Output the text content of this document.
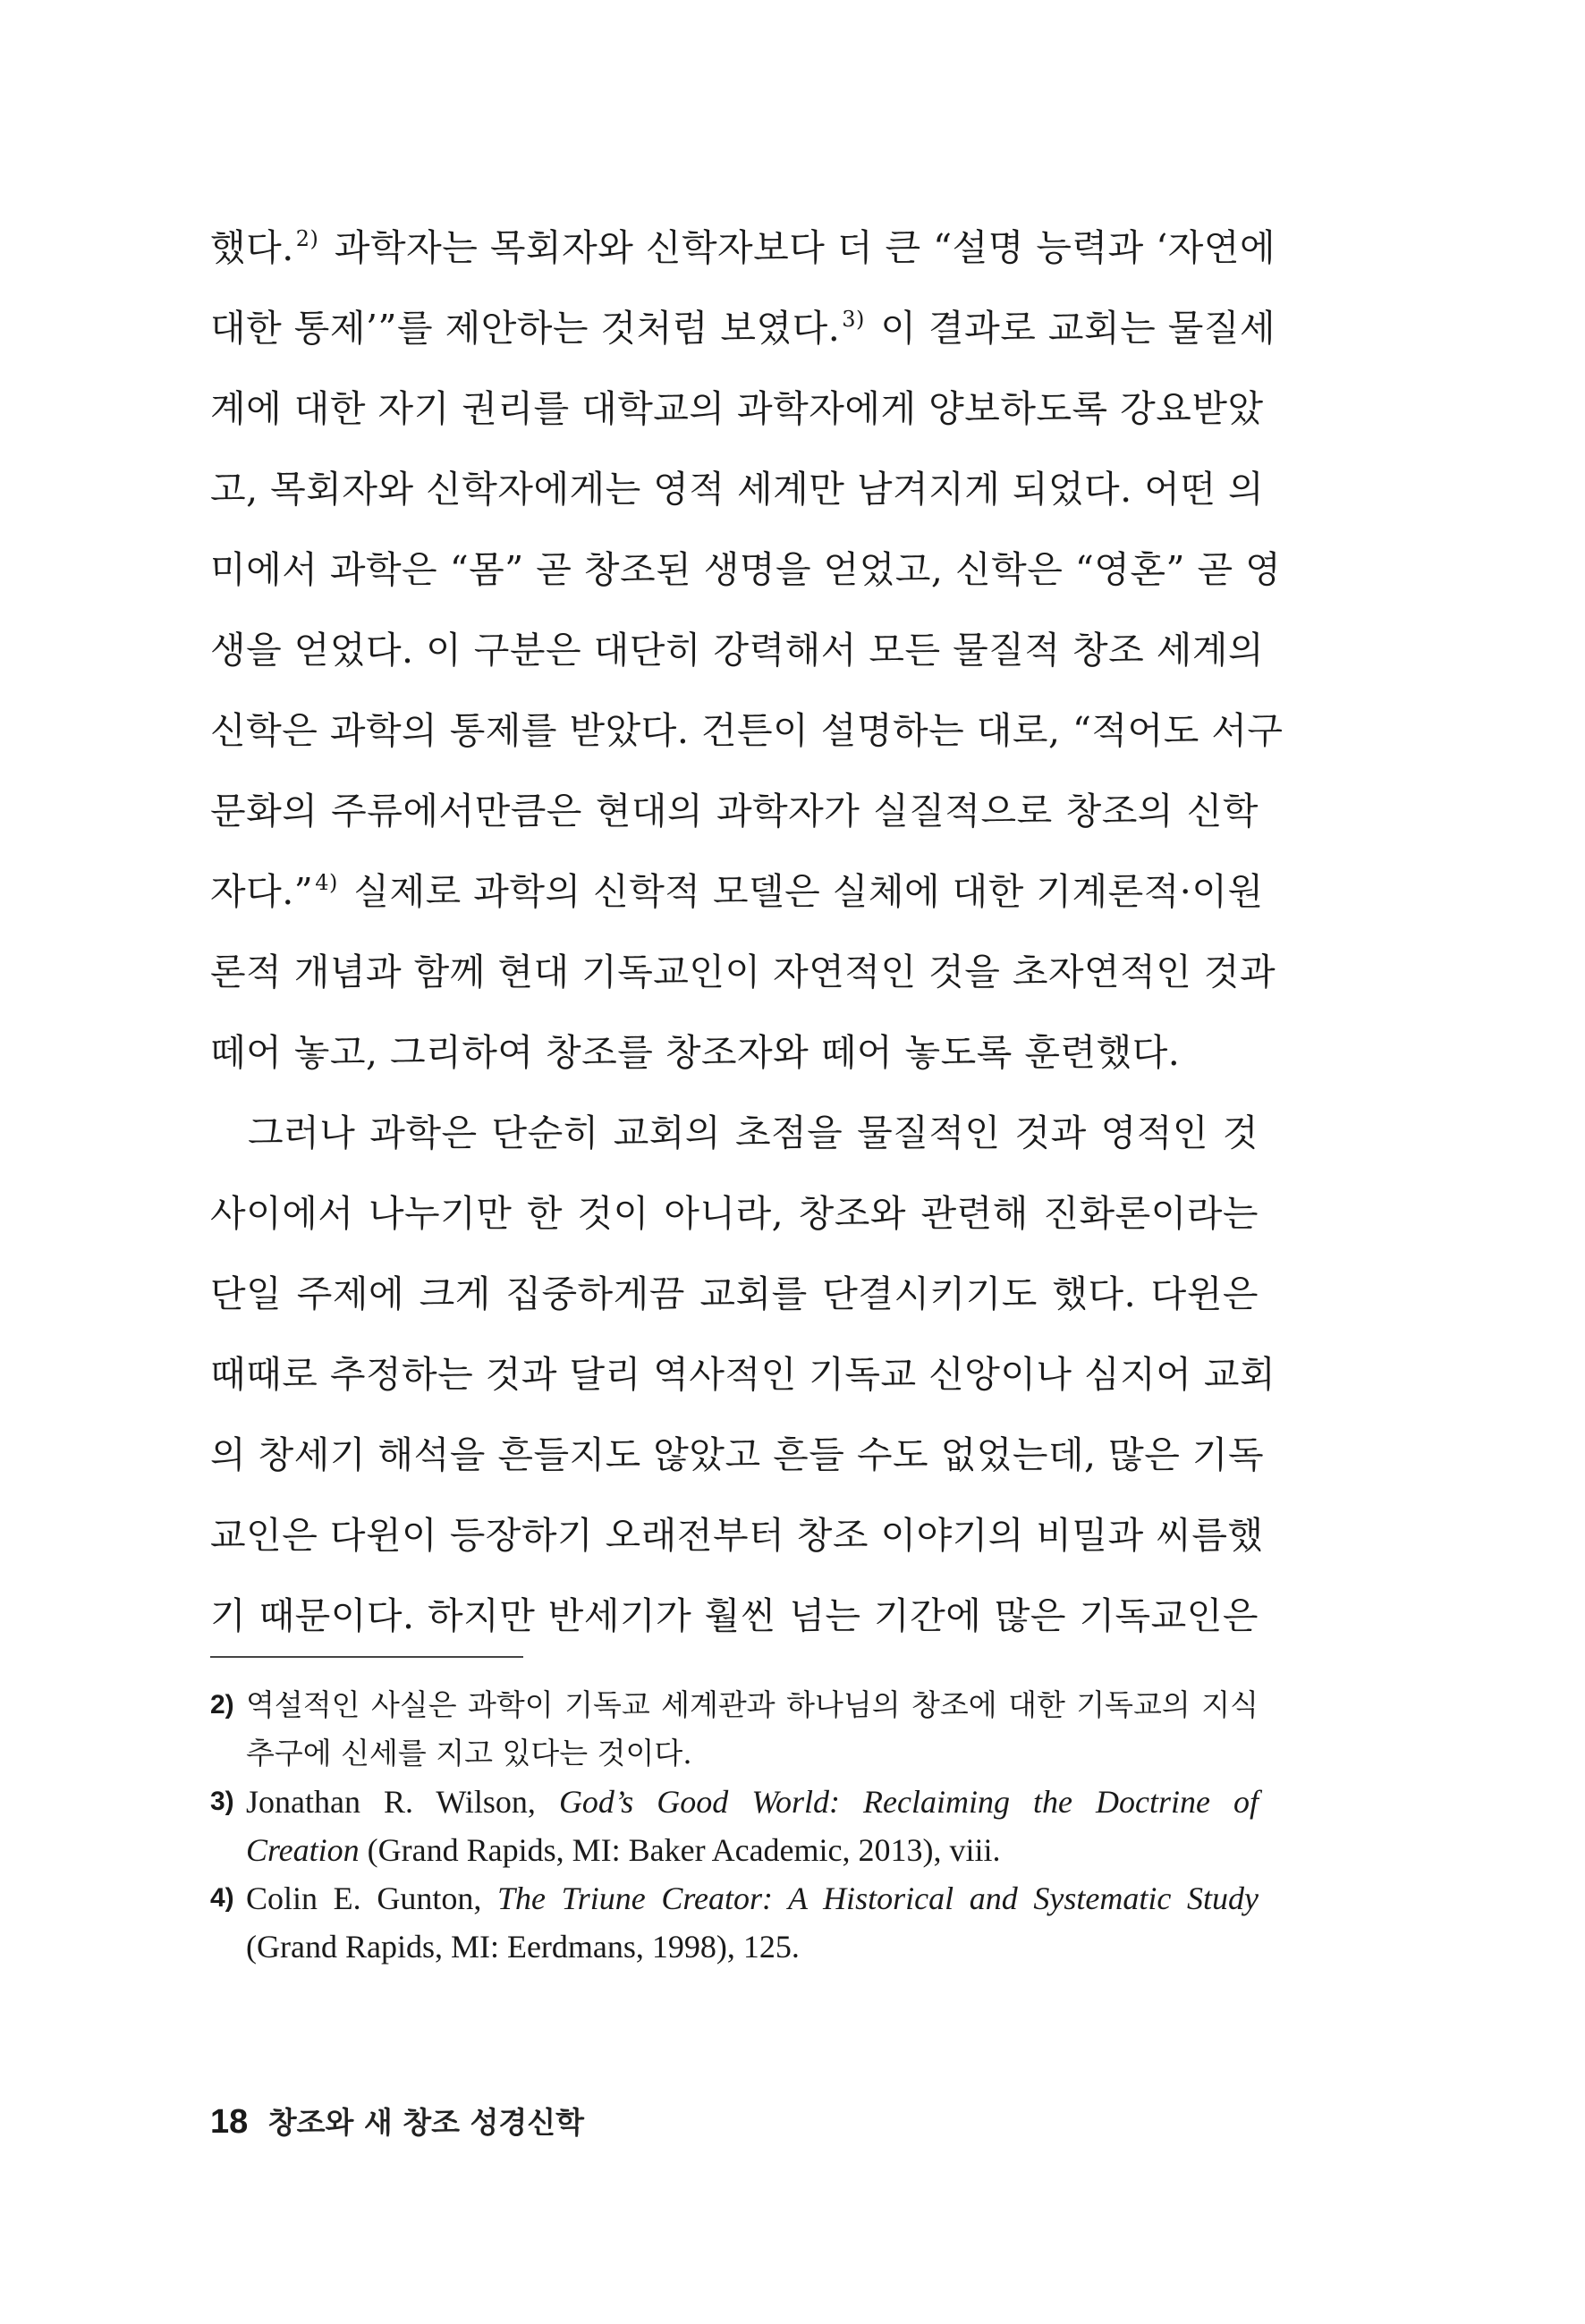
했다.$^{2)}$ 과학자는 목회자와 신학자보다 더 큰 “설명 능력과 ‘자연에
대한 통제’”를 제안하는 것처럼 보였다.$^{3)}$ 이 결과로 교회는 물질세
계에 대한 자기 권리를 대학교의 과학자에게 양보하도록 강요받았
고, 목회자와 신학자에게는 영적 세계만 남겨지게 되었다. 어떤 의
미에서 과학은 “몸” 곧 창조된 생명을 얻었고, 신학은 “영혼” 곧 영
생을 얻었다. 이 구분은 대단히 강력해서 모든 물질적 창조 세계의
신학은 과학의 통제를 받았다. 건튼이 설명하는 대로, “적어도 서구
문화의 주류에서만큼은 현대의 과학자가 실질적으로 창조의 신학
자다.”$^{4)}$ 실제로 과학의 신학적 모델은 실체에 대한 기계론적·이원
론적 개념과 함께 현대 기독교인이 자연적인 것을 초자연적인 것과
떼어 놓고, 그리하여 창조를 창조자와 떼어 놓도록 훈련했다.
그러나 과학은 단순히 교회의 초점을 물질적인 것과 영적인 것
사이에서 나누기만 한 것이 아니라, 창조와 관련해 진화론이라는
단일 주제에 크게 집중하게끔 교회를 단결시키기도 했다. 다윈은
때때로 추정하는 것과 달리 역사적인 기독교 신앙이나 심지어 교회
의 창세기 해석을 흔들지도 않았고 흔들 수도 없었는데, 많은 기독
교인은 다윈이 등장하기 오래전부터 창조 이야기의 비밀과 씨름했
기 때문이다. 하지만 반세기가 훨씬 넘는 기간에 많은 기독교인은
2) 역설적인 사실은 과학이 기독교 세계관과 하나님의 창조에 대한 기독교의 지식
추구에 신세를 지고 있다는 것이다.
3) Jonathan R. Wilson, God’s Good World: Reclaiming the Doctrine of
Creation (Grand Rapids, MI: Baker Academic, 2013), viii.
4) Colin E. Gunton, The Triune Creator: A Historical and Systematic Study
(Grand Rapids, MI: Eerdmans, 1998), 125.
18 창조와 새 창조 성경신학
